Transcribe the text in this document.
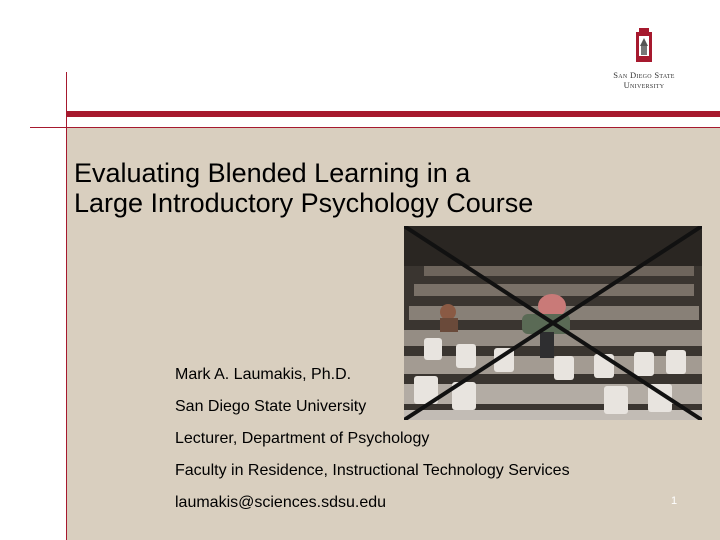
San Diego State
University
Evaluating Blended Learning in a
Large Introductory Psychology Course
Mark A. Laumakis, Ph.D.
San Diego State University
Lecturer, Department of Psychology
Faculty in Residence, Instructional Technology Services
laumakis@sciences.sdsu.edu	1
